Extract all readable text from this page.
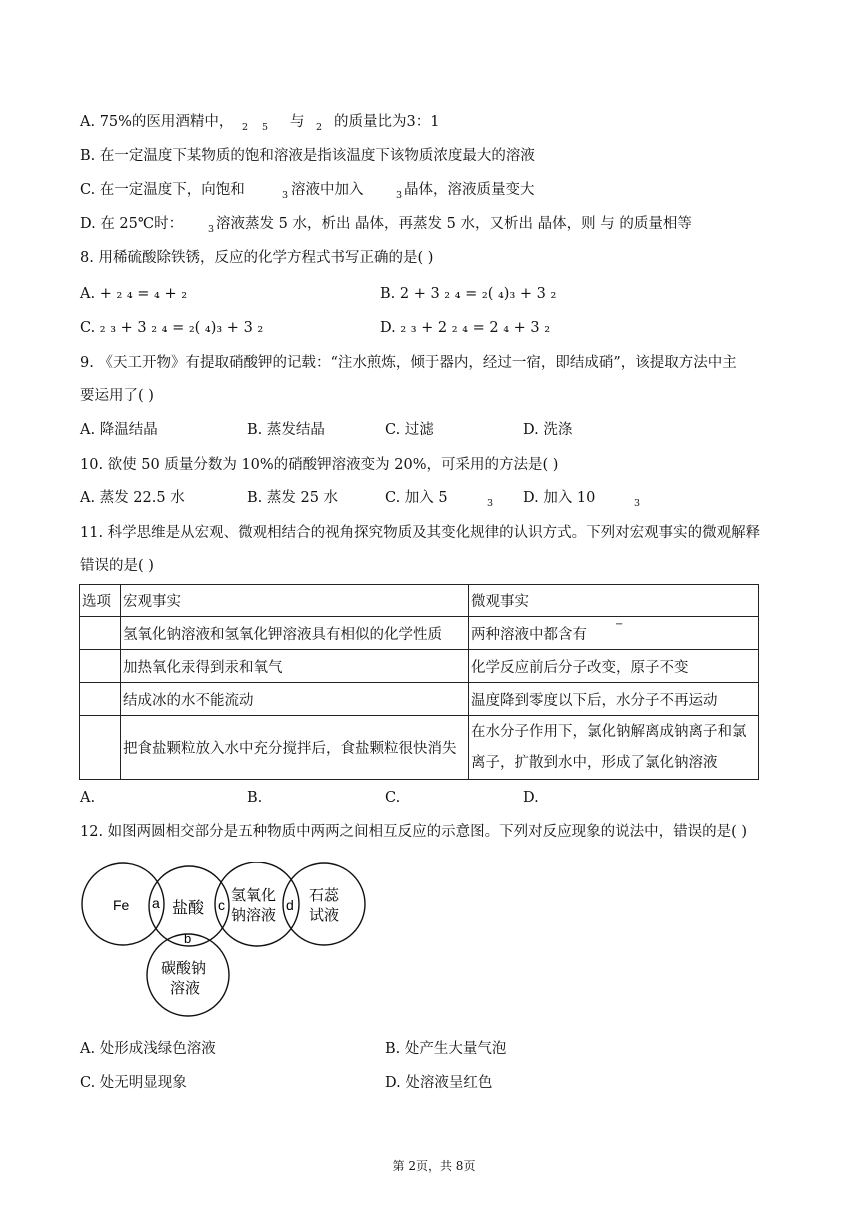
A. 75%的医用酒精中， 2 5 与 2 的质量比为3：1
B. 在一定温度下某物质的饱和溶液是指该温度下该物质浓度最大的溶液
C. 在一定温度下，向饱和	3 溶液中加入	3 晶体，溶液质量变大
D. 在 25℃时：	3 溶液蒸发 5 水，析出 晶体，再蒸发 5 水，又析出 晶体，则 与 的质量相等
8. 用稀硫酸除铁锈，反应的化学方程式书写正确的是( )
A. + ₂ ₄ = ₄ + ₂	B. 2 + 3 ₂ ₄ = ₂( ₄)₃ + 3 ₂
C. ₂ ₃ + 3 ₂ ₄ = ₂( ₄)₃ + 3 ₂	D. ₂ ₃ + 2 ₂ ₄ = 2 ₄ + 3 ₂
9. 《天工开物》有提取硝酸钾的记载：“注水煎炼，倾于器内，经过一宿，即结成硝”，该提取方法中主
要运用了( )
A. 降温结晶	B. 蒸发结晶	C. 过滤	D. 洗涤
10. 欲使 50 质量分数为 10%的硝酸钾溶液变为 20%，可采用的方法是( )
A. 蒸发 22.5 水	B. 蒸发 25 水	C. 加入 5	3 D. 加入 10	3
11. 科学思维是从宏观、微观相结合的视角探究物质及其变化规律的认识方式。下列对宏观事实的微观解释
错误的是( )
选项	宏观事实	微观事实
	氢氧化钠溶液和氢氧化钾溶液具有相似的化学性质	两种溶液中都含有
−

	加热氧化汞得到汞和氧气	化学反应前后分子改变，原子不变
	结成冰的水不能流动	温度降到零度以下后，水分子不再运动
	把食盐颗粒放入水中充分搅拌后，食盐颗粒很快消失	在水分子作用下，氯化钠解离成钠离子和氯离子，扩散到水中，形成了氯化钠溶液
A.	B.	C.	D.
12. 如图两圆相交部分是五种物质中两两之间相互反应的示意图。下列对反应现象的说法中，错误的是( )
Fe	盐酸
氢氧化
钠溶液
石蕊
试液
碳酸钠
溶液
a
b
c	d
A. 处形成浅绿色溶液	B. 处产生大量气泡
C. 处无明显现象	D. 处溶液呈红色
第 2页，共 8页
